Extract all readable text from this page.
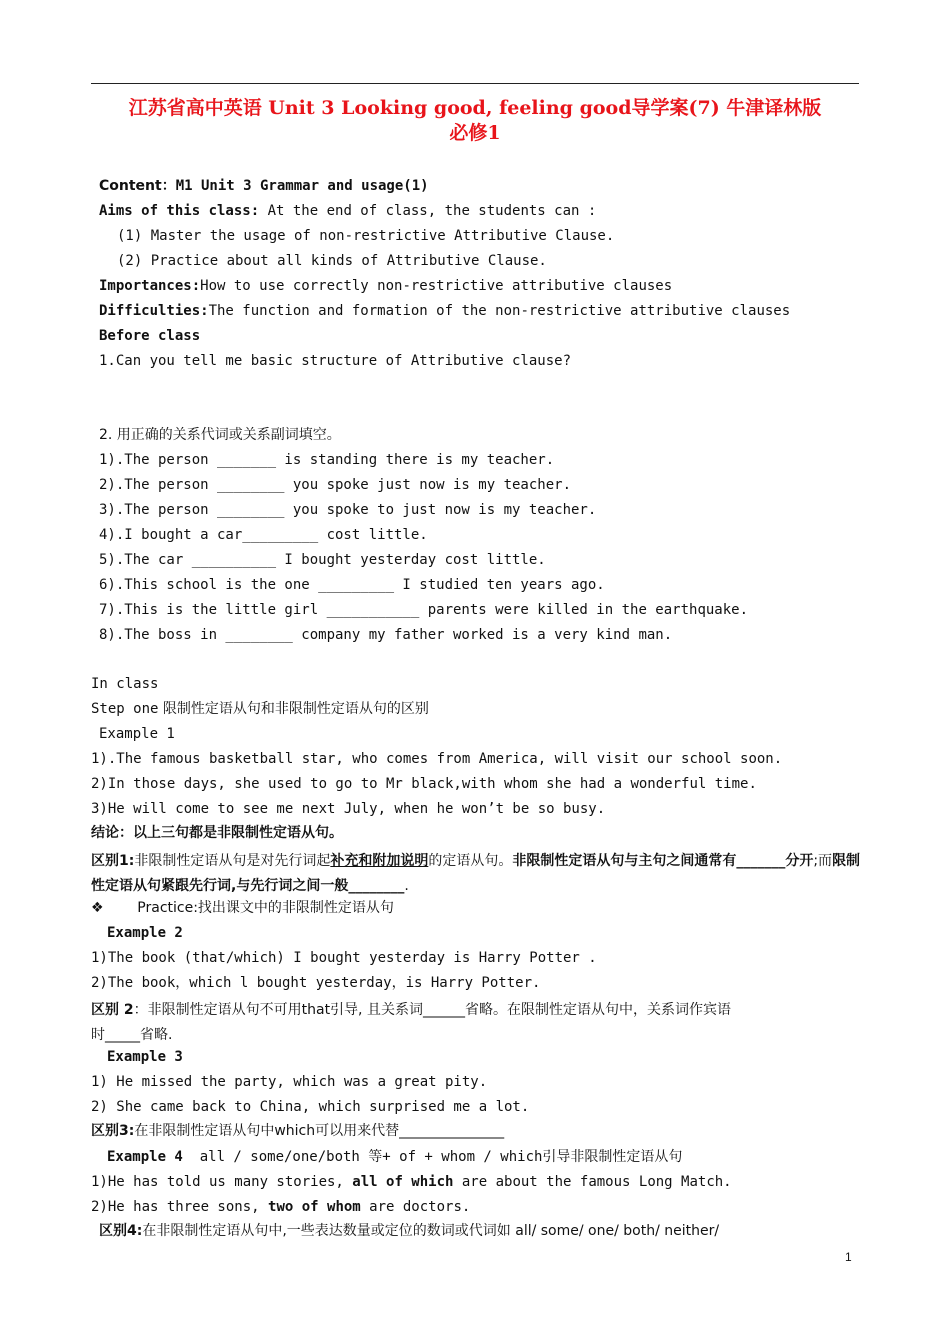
江苏省高中英语 Unit 3 Looking good, feeling good导学案(7) 牛津译林版
必修1
Content：M1 Unit 3 Grammar and usage(1)
Aims of this class: At the end of class, the students can :
(1) Master the usage of non-restrictive Attributive Clause.
(2) Practice about all kinds of Attributive Clause.
Importances:How to use correctly non-restrictive attributive clauses
Difficulties:The function and formation of the non-restrictive attributive clauses
Before class
1.Can you tell me basic structure of Attributive clause?
2. 用正确的关系代词或关系副词填空。
1).The person _______ is standing there is my teacher.
2).The person ________ you spoke just now is my teacher.
3).The person ________ you spoke to just now is my teacher.
4).I bought a car_________ cost little.
5).The car __________ I bought yesterday cost little.
6).This school is the one _________ I studied ten years ago.
7).This is the little girl ___________ parents were killed in the earthquake.
8).The boss in ________ company my father worked is a very kind man.
In class
Step one 限制性定语从句和非限制性定语从句的区别
Example 1
1).The famous basketball star, who comes from America, will visit our school soon.
2)In those days, she used to go to Mr black,with whom she had a wonderful time.
3)He will come to see me next July, when he won’t be so busy.
结论：以上三句都是非限制性定语从句。
区别1:非限制性定语从句是对先行词起补充和附加说明的定语从句。非限制性定语从句与主句之间通常有_______分开;而限制性定语从句紧跟先行词,与先行词之间一般________.
❖ Practice:找出课文中的非限制性定语从句
Example 2
1)The book (that/which) I bought yesterday is Harry Potter .
2)The book，which l bought yesterday，is Harry Potter.
区别 2：非限制性定语从句不可用that引导, 且关系词______省略。在限制性定语从句中，关系词作宾语
时_____省略.
Example 3
1) He missed the party, which was a great pity.
2) She came back to China, which surprised me a lot.
区别3:在非限制性定语从句中which可以用来代替_______________
Example 4  all / some/one/both 等+ of + whom / which引导非限制性定语从句
1)He has told us many stories, all of which are about the famous Long Match.
2)He has three sons, two of whom are doctors.
区别4:在非限制性定语从句中,一些表达数量或定位的数词或代词如 all/ some/ one/ both/ neither/
1
